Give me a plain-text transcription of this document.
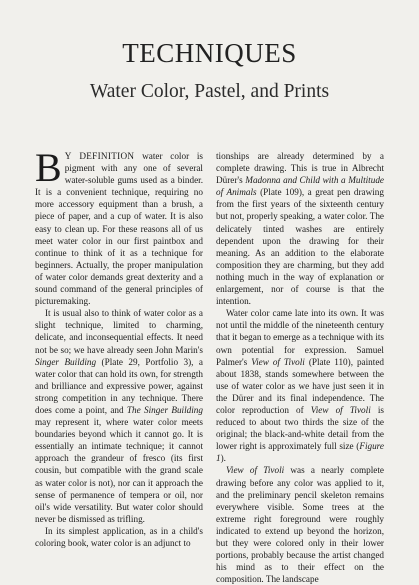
TECHNIQUES
Water Color, Pastel, and Prints

B Y DEFINITION water color is pigment with any one of several water-soluble gums used as a binder. It is a convenient technique, requiring no more accessory equipment than a brush, a piece of paper, and a cup of water. It is also easy to clean up. For these reasons all of us meet water color in our first paintbox and continue to think of it as a technique for beginners. Actually, the proper manipulation of water color demands great dexterity and a sound command of the general principles of picturemaking.

It is usual also to think of water color as a slight technique, limited to charming, delicate, and inconsequential effects. It need not be so; we have already seen John Marin's Singer Building (Plate 29, Portfolio 3), a water color that can hold its own, for strength and brilliance and expressive power, against strong competition in any technique. There does come a point, and The Singer Building may represent it, where water color meets boundaries beyond which it cannot go. It is essentially an intimate technique; it cannot approach the grandeur of fresco (its first cousin, but compatible with the grand scale as water color is not), nor can it approach the sense of permanence of tempera or oil, nor oil's wide versatility. But water color should never be dismissed as trifling.

In its simplest application, as in a child's coloring book, water color is an adjunct to

tionships are already determined by a complete drawing. This is true in Albrecht Dürer's Madonna and Child with a Multitude of Animals (Plate 109), a great pen drawing from the first years of the sixteenth century but not, properly speaking, a water color. The delicately tinted washes are entirely dependent upon the drawing for their meaning. As an addition to the elaborate composition they are charming, but they add nothing much in the way of explanation or enlargement, nor of course is that the intention.

Water color came late into its own. It was not until the middle of the nineteenth century that it began to emerge as a technique with its own potential for expression. Samuel Palmer's View of Tivoli (Plate 110), painted about 1838, stands somewhere between the use of water color as we have just seen it in the Dürer and its final independence. The color reproduction of View of Tivoli is reduced to about two thirds the size of the original; the black-and-white detail from the lower right is approximately full size (Figure 1).

View of Tivoli was a nearly complete drawing before any color was applied to it, and the preliminary pencil skeleton remains everywhere visible. Some trees at the extreme right foreground were roughly indicated to extend up beyond the horizon, but they were colored only in their lower portions, probably because the artist changed his mind as to their effect on the composition. The landscape
